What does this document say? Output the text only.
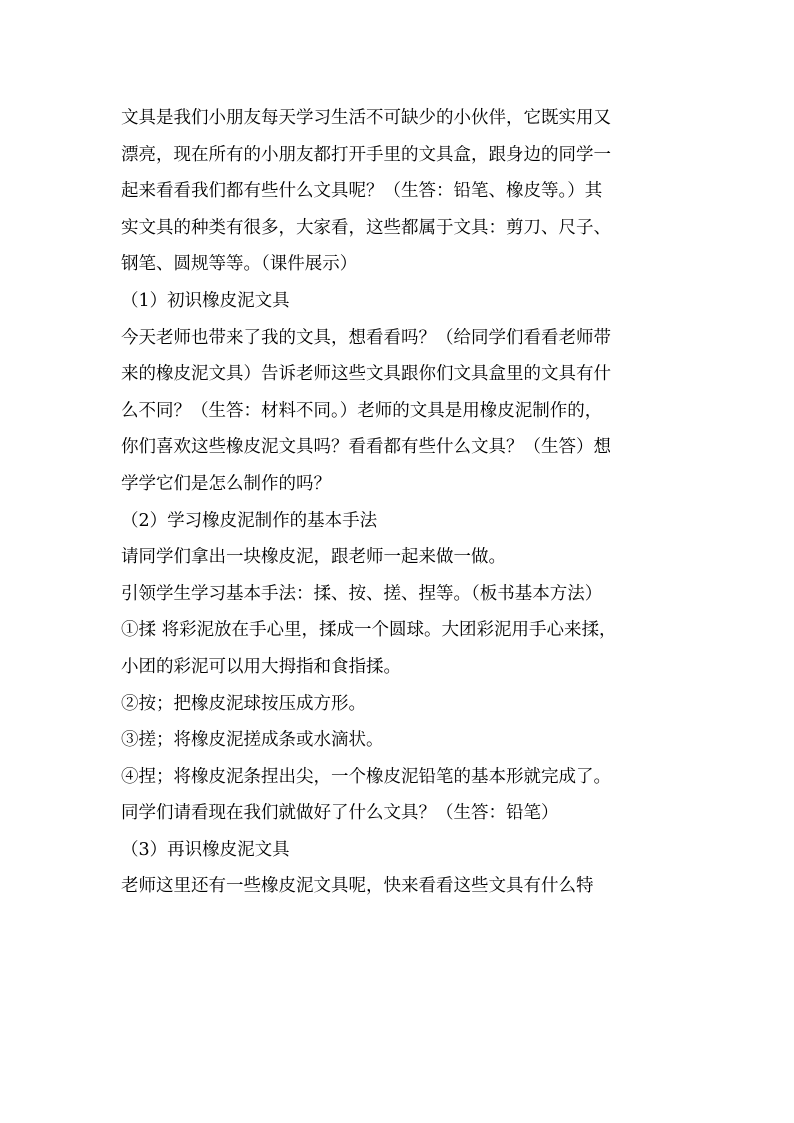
文具是我们小朋友每天学习生活不可缺少的小伙伴，它既实用又
漂亮，现在所有的小朋友都打开手里的文具盒，跟身边的同学一
起来看看我们都有些什么文具呢？（生答：铅笔、橡皮等。）其
实文具的种类有很多，大家看，这些都属于文具：剪刀、尺子、
钢笔、圆规等等。（课件展示）
（1）初识橡皮泥文具
今天老师也带来了我的文具，想看看吗？（给同学们看看老师带
来的橡皮泥文具）告诉老师这些文具跟你们文具盒里的文具有什
么不同？（生答：材料不同。）老师的文具是用橡皮泥制作的，
你们喜欢这些橡皮泥文具吗？看看都有些什么文具？（生答）想
学学它们是怎么制作的吗？
（2）学习橡皮泥制作的基本手法
请同学们拿出一块橡皮泥，跟老师一起来做一做。
引领学生学习基本手法：揉、按、搓、捏等。（板书基本方法）
①揉 将彩泥放在手心里，揉成一个圆球。大团彩泥用手心来揉，
小团的彩泥可以用大拇指和食指揉。
②按；把橡皮泥球按压成方形。
③搓；将橡皮泥搓成条或水滴状。
④捏；将橡皮泥条捏出尖，一个橡皮泥铅笔的基本形就完成了。
同学们请看现在我们就做好了什么文具？（生答：铅笔）
（3）再识橡皮泥文具
老师这里还有一些橡皮泥文具呢，快来看看这些文具有什么特
